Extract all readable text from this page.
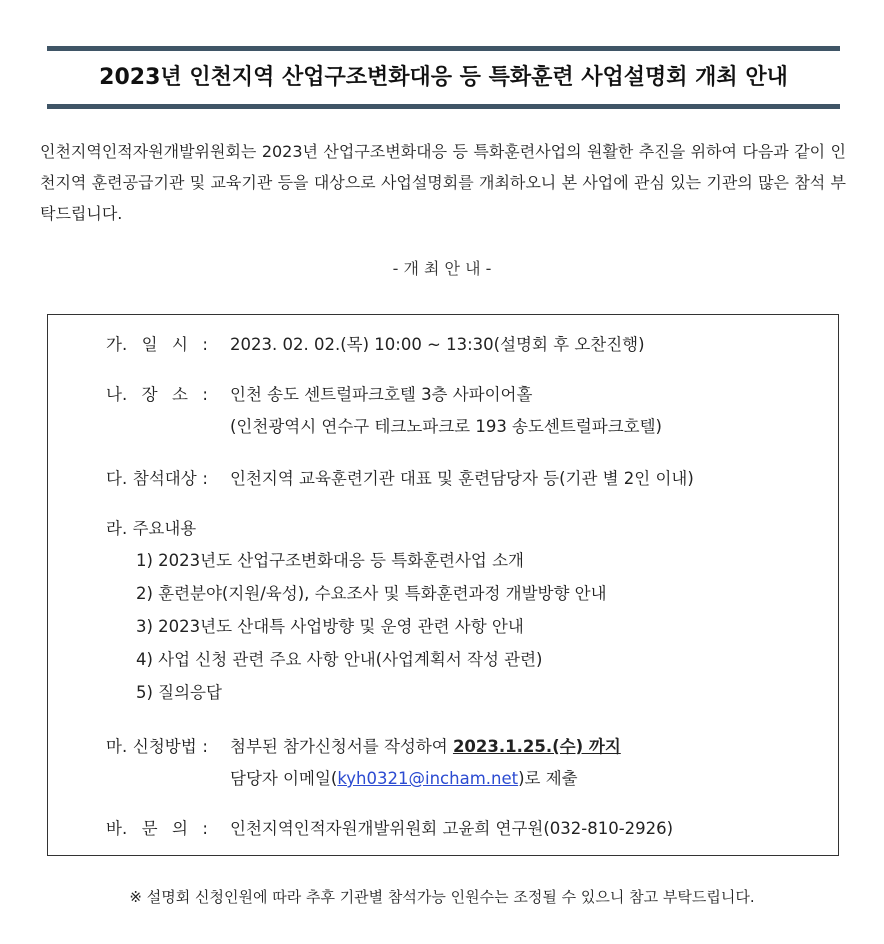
2023년 인천지역 산업구조변화대응 등 특화훈련 사업설명회 개최 안내

인천지역인적자원개발위원회는 2023년 산업구조변화대응 등 특화훈련사업의 원활한 추진을 위하여 다음과 같이 인천지역 훈련공급기관 및 교육기관 등을 대상으로 사업설명회를 개최하오니 본 사업에 관심 있는 기관의 많은 참석 부탁드립니다.

- 개 최 안 내 -
가. 일 시 : 2023. 02. 02.(목) 10:00 ~ 13:30(설명회 후 오찬진행)
나. 장 소 : 인천 송도 센트럴파크호텔 3층 사파이어홀
(인천광역시 연수구 테크노파크로 193 송도센트럴파크호텔)
다. 참석대상 : 인천지역 교육훈련기관 대표 및 훈련담당자 등(기관 별 2인 이내)
라. 주요내용
1) 2023년도 산업구조변화대응 등 특화훈련사업 소개
2) 훈련분야(지원/육성), 수요조사 및 특화훈련과정 개발방향 안내
3) 2023년도 산대특 사업방향 및 운영 관련 사항 안내
4) 사업 신청 관련 주요 사항 안내(사업계획서 작성 관련)
5) 질의응답
마. 신청방법 : 첨부된 참가신청서를 작성하여 2023.1.25.(수) 까지
담당자 이메일(kyh0321@incham.net)로 제출
바. 문 의 : 인천지역인적자원개발위원회 고윤희 연구원(032-810-2926)
※ 설명회 신청인원에 따라 추후 기관별 참석가능 인원수는 조정될 수 있으니 참고 부탁드립니다.
